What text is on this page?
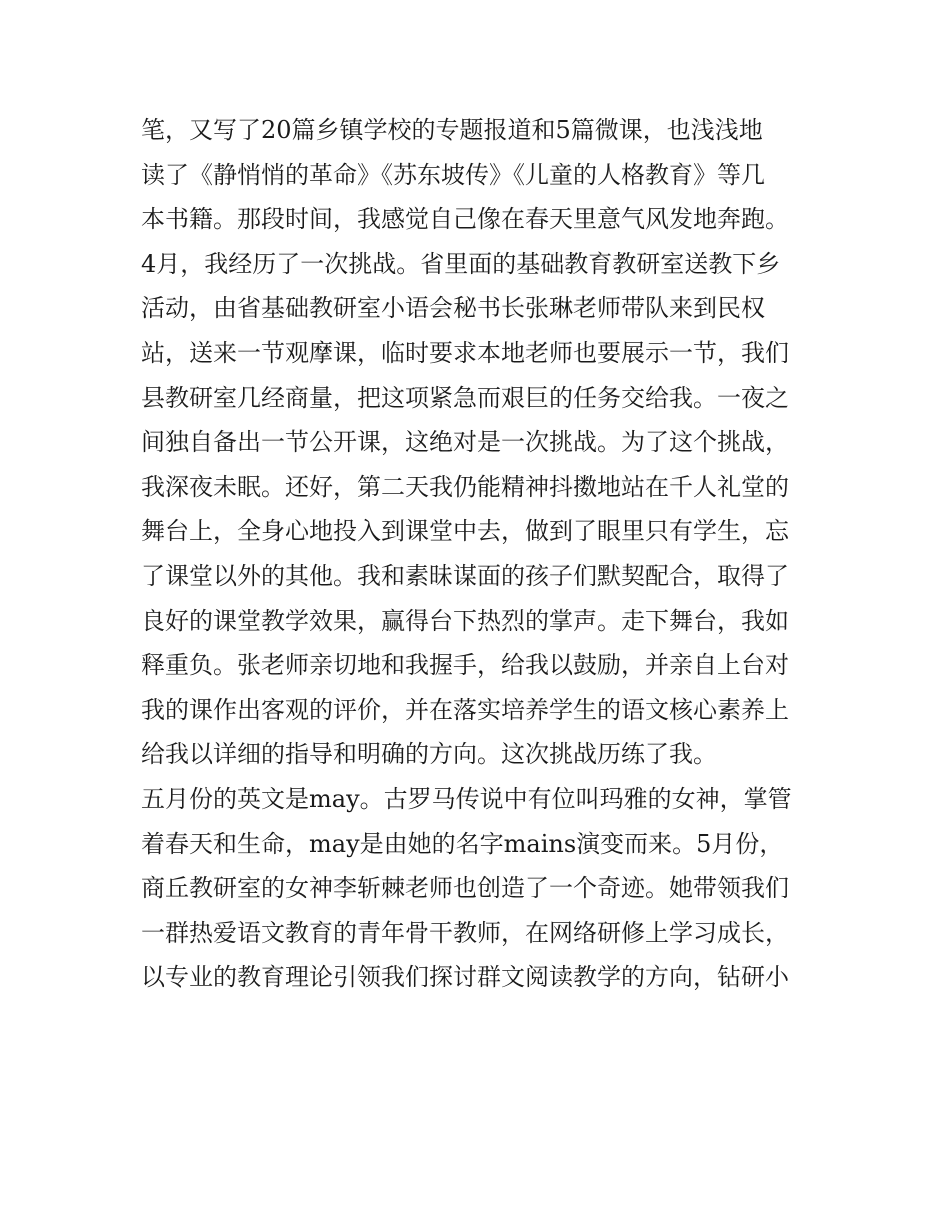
笔，又写了20篇乡镇学校的专题报道和5篇微课，也浅浅地
读了《静悄悄的革命》《苏东坡传》《儿童的人格教育》等几
本书籍。那段时间，我感觉自己像在春天里意气风发地奔跑。
4月，我经历了一次挑战。省里面的基础教育教研室送教下乡
活动，由省基础教研室小语会秘书长张琳老师带队来到民权
站，送来一节观摩课，临时要求本地老师也要展示一节，我们
县教研室几经商量，把这项紧急而艰巨的任务交给我。一夜之
间独自备出一节公开课，这绝对是一次挑战。为了这个挑战，
我深夜未眠。还好，第二天我仍能精神抖擞地站在千人礼堂的
舞台上，全身心地投入到课堂中去，做到了眼里只有学生，忘
了课堂以外的其他。我和素昧谋面的孩子们默契配合，取得了
良好的课堂教学效果，赢得台下热烈的掌声。走下舞台，我如
释重负。张老师亲切地和我握手，给我以鼓励，并亲自上台对
我的课作出客观的评价，并在落实培养学生的语文核心素养上
给我以详细的指导和明确的方向。这次挑战历练了我。
五月份的英文是may。古罗马传说中有位叫玛雅的女神，掌管
着春天和生命，may是由她的名字mains演变而来。5月份，
商丘教研室的女神李斩棘老师也创造了一个奇迹。她带领我们
一群热爱语文教育的青年骨干教师，在网络研修上学习成长，
以专业的教育理论引领我们探讨群文阅读教学的方向，钻研小
